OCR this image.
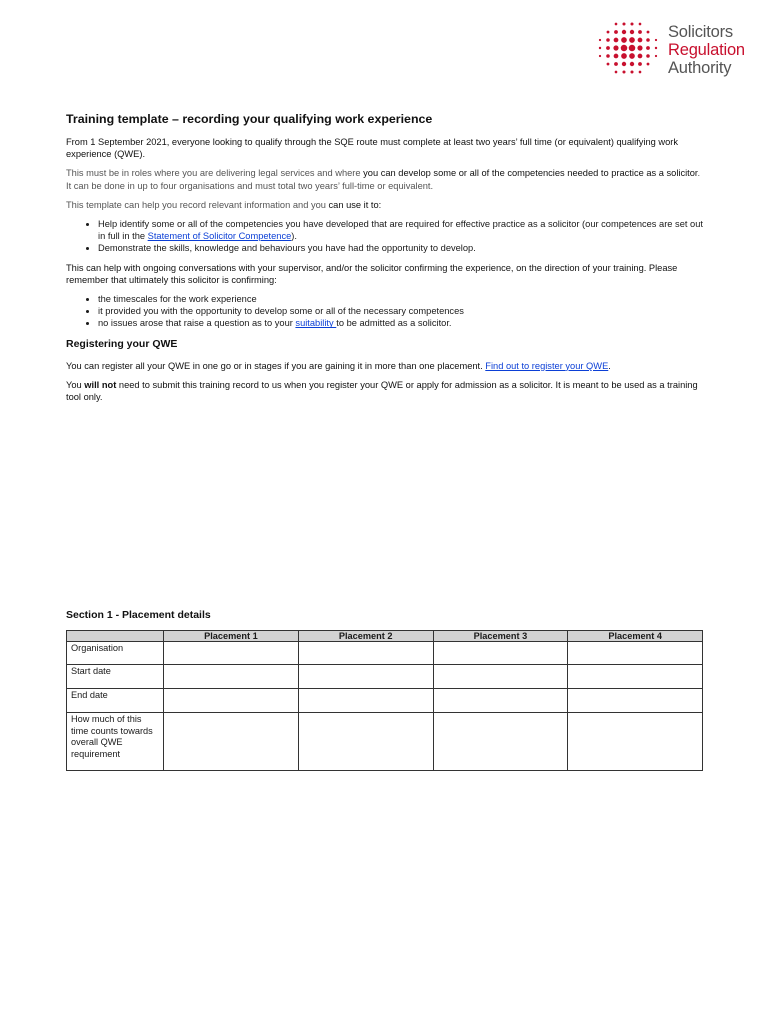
Solicitors
Regulation
Authority
Training template – recording your qualifying work experience

From 1 September 2021, everyone looking to qualify through the SQE route must complete at least two years’ full time (or equivalent) qualifying work experience (QWE).

This must be in roles where you are delivering legal services and where you can develop some or all of the competencies needed to practice as a solicitor. It can be done in up to four organisations and must total two years’ full-time or equivalent.

This template can help you record relevant information and you can use it to:

• Help identify some or all of the competencies you have developed that are required for effective practice as a solicitor (our competences are set out in full in the Statement of Solicitor Competence).
• Demonstrate the skills, knowledge and behaviours you have had the opportunity to develop.

This can help with ongoing conversations with your supervisor, and/or the solicitor confirming the experience, on the direction of your training. Please remember that ultimately this solicitor is confirming:

• the timescales for the work experience
• it provided you with the opportunity to develop some or all of the necessary competences
• no issues arose that raise a question as to your suitability to be admitted as a solicitor.
Registering your QWE

You can register all your QWE in one go or in stages if you are gaining it in more than one placement. Find out to register your QWE.

You will not need to submit this training record to us when you register your QWE or apply for admission as a solicitor. It is meant to be used as a training tool only.

Section 1 - Placement details
	Placement 1	Placement 2	Placement 3	Placement 4
Organisation				
Start date				
End date				
How much of this time counts towards overall QWE requirement				
